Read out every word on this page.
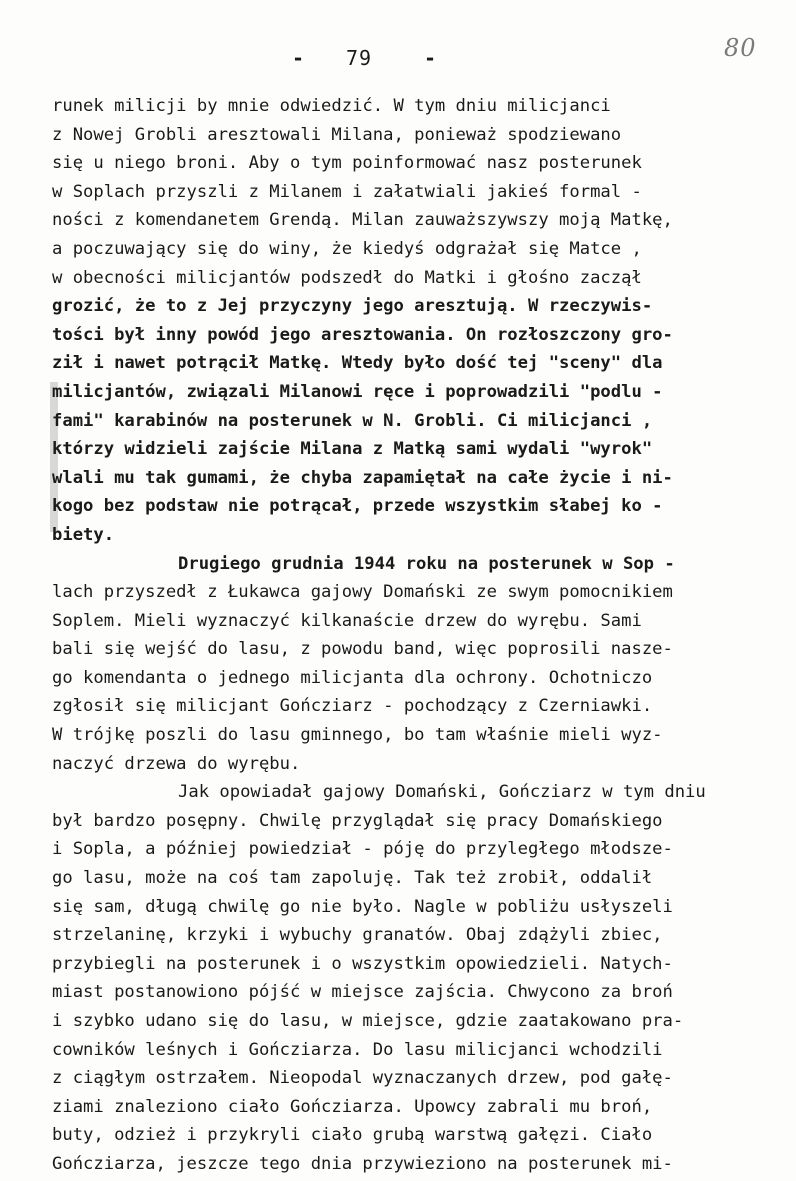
- 79	-	80
runek milicji by mnie odwiedzić. W tym dniu milicjanci
z Nowej Grobli aresztowali Milana, ponieważ spodziewano
się u niego broni. Aby o tym poinformować nasz posterunek
w Soplach przyszli z Milanem i załatwiali jakieś formal -
ności z komendanetem Grendą. Milan zauważszywszy moją Matkę,
a poczuwający się do winy, że kiedyś odgrażał się Matce ,
w obecności milicjantów podszedł do Matki i głośno zaczął
grozić, że to z Jej przyczyny jego aresztują. W rzeczywis-
tości był inny powód jego aresztowania. On rozłoszczony gro-
ził i nawet potrącił Matkę. Wtedy było dość tej "sceny" dla
milicjantów, związali Milanowi ręce i poprowadzili "podlu -
fami" karabinów na posterunek w N. Grobli. Ci milicjanci ,
którzy widzieli zajście Milana z Matką sami wydali "wyrok"
wlali mu tak gumami, że chyba zapamiętał na całe życie i ni-
kogo bez podstaw nie potrącał, przede wszystkim słabej ko -
biety.
Drugiego grudnia 1944 roku na posterunek w Sop -
lach przyszedł z Łukawca gajowy Domański ze swym pomocnikiem
Soplem. Mieli wyznaczyć kilkanaście drzew do wyrębu. Sami
bali się wejść do lasu, z powodu band, więc poprosili nasze-
go komendanta o jednego milicjanta dla ochrony. Ochotniczo
zgłosił się milicjant Gończiarz - pochodzący z Czerniawki.
W trójkę poszli do lasu gminnego, bo tam właśnie mieli wyz-
naczyć drzewa do wyrębu.
Jak opowiadał gajowy Domański, Gończiarz w tym dniu
był bardzo posępny. Chwilę przyglądał się pracy Domańskiego
i Sopla, a później powiedział - póję do przyległego młodsze-
go lasu, może na coś tam zapoluję. Tak też zrobił, oddalił
się sam, długą chwilę go nie było. Nagle w pobliżu usłyszeli
strzelaninę, krzyki i wybuchy granatów. Obaj zdążyli zbiec,
przybiegli na posterunek i o wszystkim opowiedzieli. Natych-
miast postanowiono pójść w miejsce zajścia. Chwycono za broń
i szybko udano się do lasu, w miejsce, gdzie zaatakowano pra-
cowników leśnych i Gończiarza. Do lasu milicjanci wchodzili
z ciągłym ostrzałem. Nieopodal wyznaczanych drzew, pod gałę-
ziami znaleziono ciało Gończiarza. Upowcy zabrali mu broń,
buty, odzież i przykryli ciało grubą warstwą gałęzi. Ciało
Gończiarza, jeszcze tego dnia przywieziono na posterunek mi-
